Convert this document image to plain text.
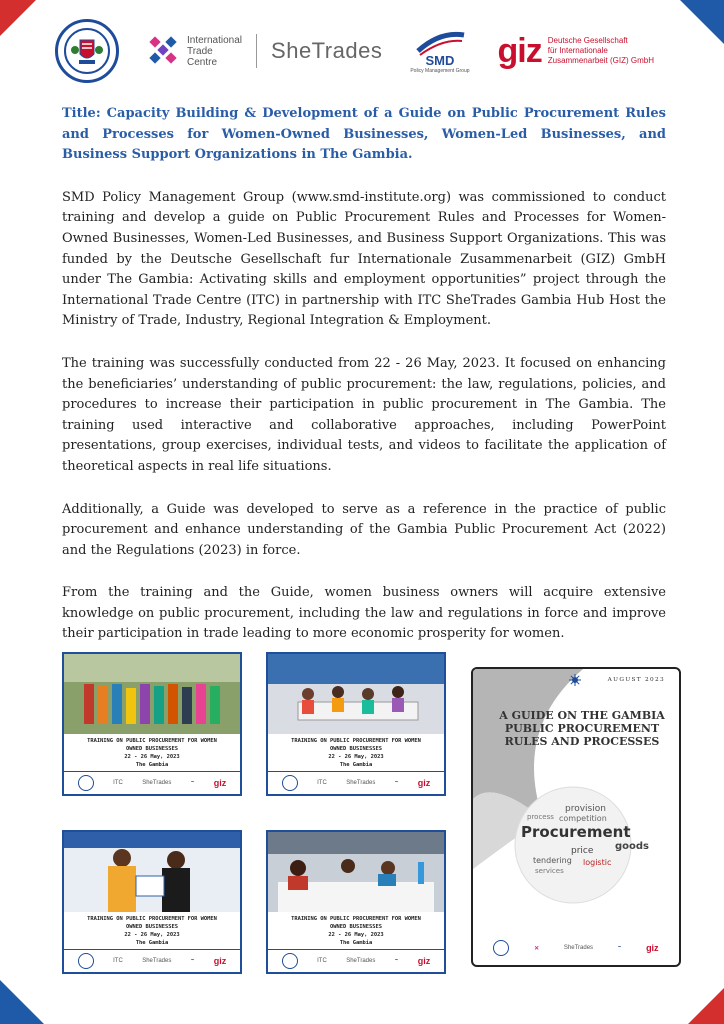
International
Trade
Centre	SheTrades	SMD
Policy Management Group
giz Deutsche Gesellschaft
für Internationale
Zusammenarbeit (GIZ) GmbH

Title: Capacity Building & Development of a Guide on Public Procurement Rules and Processes for Women-Owned Businesses, Women-Led Businesses, and Business Support Organizations in The Gambia.

SMD Policy Management Group (www.smd-institute.org) was commissioned to conduct training and develop a guide on Public Procurement Rules and Processes for Women-Owned Businesses, Women-Led Businesses, and Business Support Organizations. This was funded by the Deutsche Gesellschaft fur Internationale Zusammenarbeit (GIZ) GmbH under The Gambia: Activating skills and employment opportunities” project through the International Trade Centre (ITC) in partnership with ITC SheTrades Gambia Hub Host the Ministry of Trade, Industry, Regional Integration & Employment.

The training was successfully conducted from 22 - 26 May, 2023. It focused on enhancing the beneficiaries’ understanding of public procurement: the law, regulations, policies, and procedures to increase their participation in public procurement in The Gambia. The training used interactive and collaborative approaches, including PowerPoint presentations, group exercises, individual tests, and videos to facilitate the application of theoretical aspects in real life situations.

Additionally, a Guide was developed to serve as a reference in the practice of public procurement and enhance understanding of the Gambia Public Procurement Act (2022) and the Regulations (2023) in force.

From the training and the Guide, women business owners will acquire extensive knowledge on public procurement, including the law and regulations in force and improve their participation in trade leading to more economic prosperity for women.

TRAINING ON PUBLIC PROCUREMENT FOR WOMEN
OWNED BUSINESSES
22 - 26 May, 2023
The Gambia
ITC	SheTrades	~ giz
TRAINING ON PUBLIC PROCUREMENT FOR WOMEN
OWNED BUSINESSES
22 - 26 May, 2023
The Gambia
ITC	SheTrades	~ giz
TRAINING ON PUBLIC PROCUREMENT FOR WOMEN
OWNED BUSINESSES
22 - 26 May, 2023
The Gambia
ITC	SheTrades	~ giz
TRAINING ON PUBLIC PROCUREMENT FOR WOMEN
OWNED BUSINESSES
22 - 26 May, 2023
The Gambia
ITC	SheTrades	~ giz
AUGUST 2023
A GUIDE ON THE GAMBIA PUBLIC PROCUREMENT RULES AND PROCESSES
Procurement
provision
competition
price
logistic
tendering
services
goods
process
✕	SheTrades	~	giz
